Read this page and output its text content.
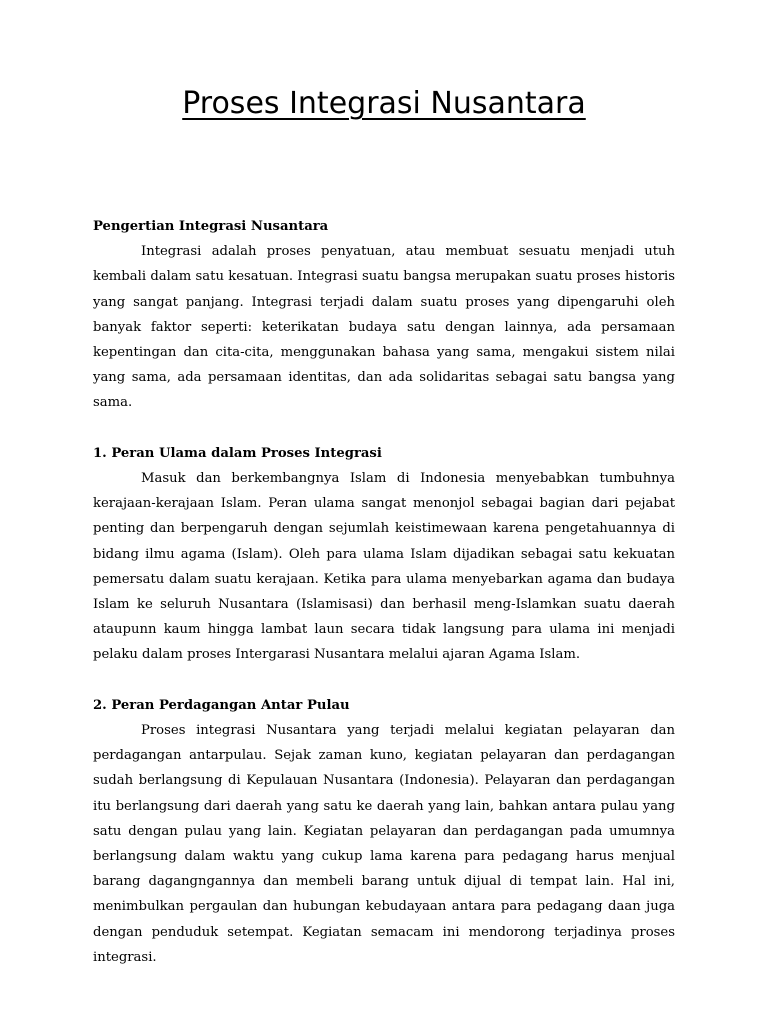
Proses Integrasi Nusantara

Pengertian Integrasi Nusantara

Integrasi adalah proses penyatuan, atau membuat sesuatu menjadi utuh kembali dalam satu kesatuan. Integrasi suatu bangsa merupakan suatu proses historis yang sangat panjang. Integrasi terjadi dalam suatu proses yang dipengaruhi oleh banyak faktor seperti: keterikatan budaya satu dengan lainnya, ada persamaan kepentingan dan cita-cita, menggunakan bahasa yang sama, mengakui sistem nilai yang sama, ada persamaan identitas, dan ada solidaritas sebagai satu bangsa yang sama.

1. Peran Ulama dalam Proses Integrasi

Masuk dan berkembangnya Islam di Indonesia menyebabkan tumbuhnya kerajaan-kerajaan Islam. Peran ulama sangat menonjol sebagai bagian dari pejabat penting dan berpengaruh dengan sejumlah keistimewaan karena pengetahuannya di bidang ilmu agama (Islam). Oleh para ulama Islam dijadikan sebagai satu kekuatan pemersatu dalam suatu kerajaan. Ketika para ulama menyebarkan agama dan budaya Islam ke seluruh Nusantara (Islamisasi) dan berhasil meng-Islamkan suatu daerah ataupunn kaum hingga lambat laun secara tidak langsung para ulama ini menjadi pelaku dalam proses Intergarasi Nusantara melalui ajaran Agama Islam.

2. Peran Perdagangan Antar Pulau

Proses integrasi Nusantara yang terjadi melalui kegiatan pelayaran dan perdagangan antarpulau. Sejak zaman kuno, kegiatan pelayaran dan perdagangan sudah berlangsung di Kepulauan Nusantara (Indonesia). Pelayaran dan perdagangan itu berlangsung dari daerah yang satu ke daerah yang lain, bahkan antara pulau yang satu dengan pulau yang lain. Kegiatan pelayaran dan perdagangan pada umumnya berlangsung dalam waktu yang cukup lama karena para pedagang harus menjual barang dagangngannya dan membeli barang untuk dijual di tempat lain. Hal ini, menimbulkan pergaulan dan hubungan kebudayaan antara para pedagang daan juga dengan penduduk setempat. Kegiatan semacam ini mendorong terjadinya proses integrasi.
